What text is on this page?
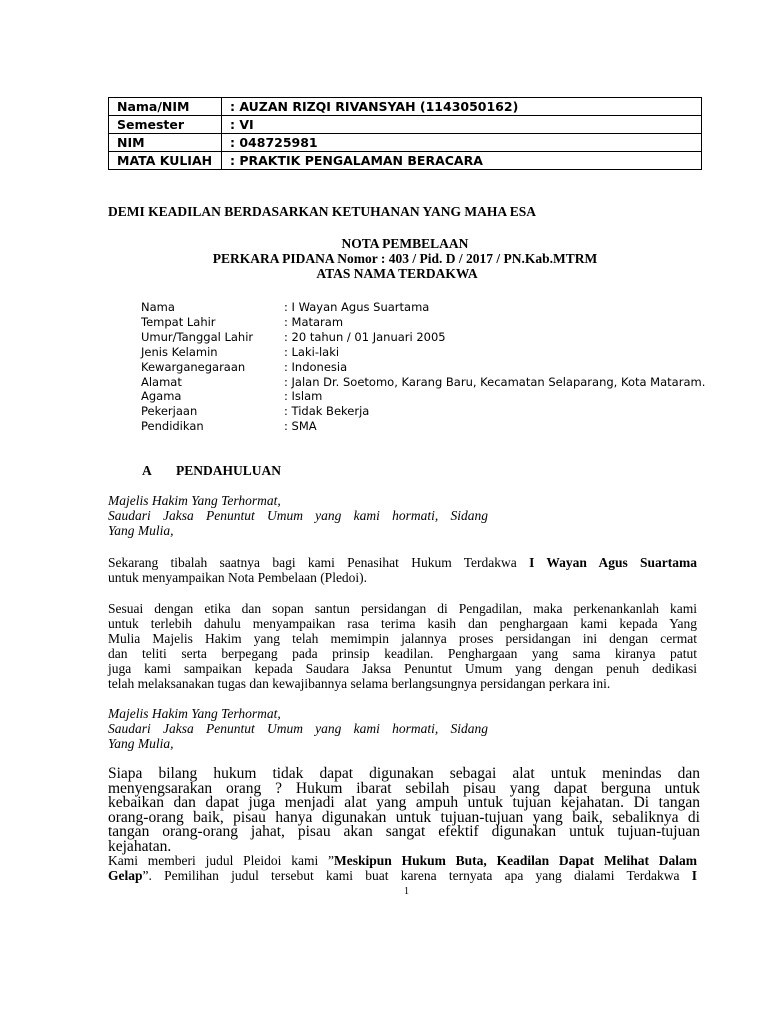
Nama/NIM	: AUZAN RIZQI RIVANSYAH (1143050162)
Semester	: VI
NIM	: 048725981
MATA KULIAH	: PRAKTIK PENGALAMAN BERACARA
DEMI KEADILAN BERDASARKAN KETUHANAN YANG MAHA ESA
NOTA PEMBELAAN
PERKARA PIDANA Nomor : 403 / Pid. D / 2017 / PN.Kab.MTRM
ATAS NAMA TERDAKWA
Nama	: I Wayan Agus Suartama
Tempat Lahir	: Mataram
Umur/Tanggal Lahir	: 20 tahun / 01 Januari 2005
Jenis Kelamin	: Laki-laki
Kewarganegaraan	: Indonesia
Alamat	: Jalan Dr. Soetomo, Karang Baru, Kecamatan Selaparang, Kota Mataram.
Agama	: Islam
Pekerjaan	: Tidak Bekerja
Pendidikan	: SMA
A PENDAHULUAN
Majelis Hakim Yang Terhormat,
Saudari Jaksa Penuntut Umum yang kami hormati, Sidang
Yang Mulia,
Sekarang tibalah saatnya bagi kami Penasihat Hukum Terdakwa I Wayan Agus Suartama
untuk menyampaikan Nota Pembelaan (Pledoi).
Sesuai dengan etika dan sopan santun persidangan di Pengadilan, maka perkenankanlah kami
untuk terlebih dahulu menyampaikan rasa terima kasih dan penghargaan kami kepada Yang
Mulia Majelis Hakim yang telah memimpin jalannya proses persidangan ini dengan cermat
dan teliti serta berpegang pada prinsip keadilan. Penghargaan yang sama kiranya patut
juga kami sampaikan kepada Saudara Jaksa Penuntut Umum yang dengan penuh dedikasi
telah melaksanakan tugas dan kewajibannya selama berlangsungnya persidangan perkara ini.
Majelis Hakim Yang Terhormat,
Saudari Jaksa Penuntut Umum yang kami hormati, Sidang
Yang Mulia,
Siapa bilang hukum tidak dapat digunakan sebagai alat untuk menindas dan
menyengsarakan orang ? Hukum ibarat sebilah pisau yang dapat berguna untuk
kebaikan dan dapat juga menjadi alat yang ampuh untuk tujuan kejahatan. Di tangan
orang-orang baik, pisau hanya digunakan untuk tujuan-tujuan yang baik, sebaliknya di
tangan orang-orang jahat, pisau akan sangat efektif digunakan untuk tujuan-tujuan
kejahatan.
Kami memberi judul Pleidoi kami ”Meskipun Hukum Buta, Keadilan Dapat Melihat Dalam
Gelap”. Pemilihan judul tersebut kami buat karena ternyata apa yang dialami Terdakwa I
1
